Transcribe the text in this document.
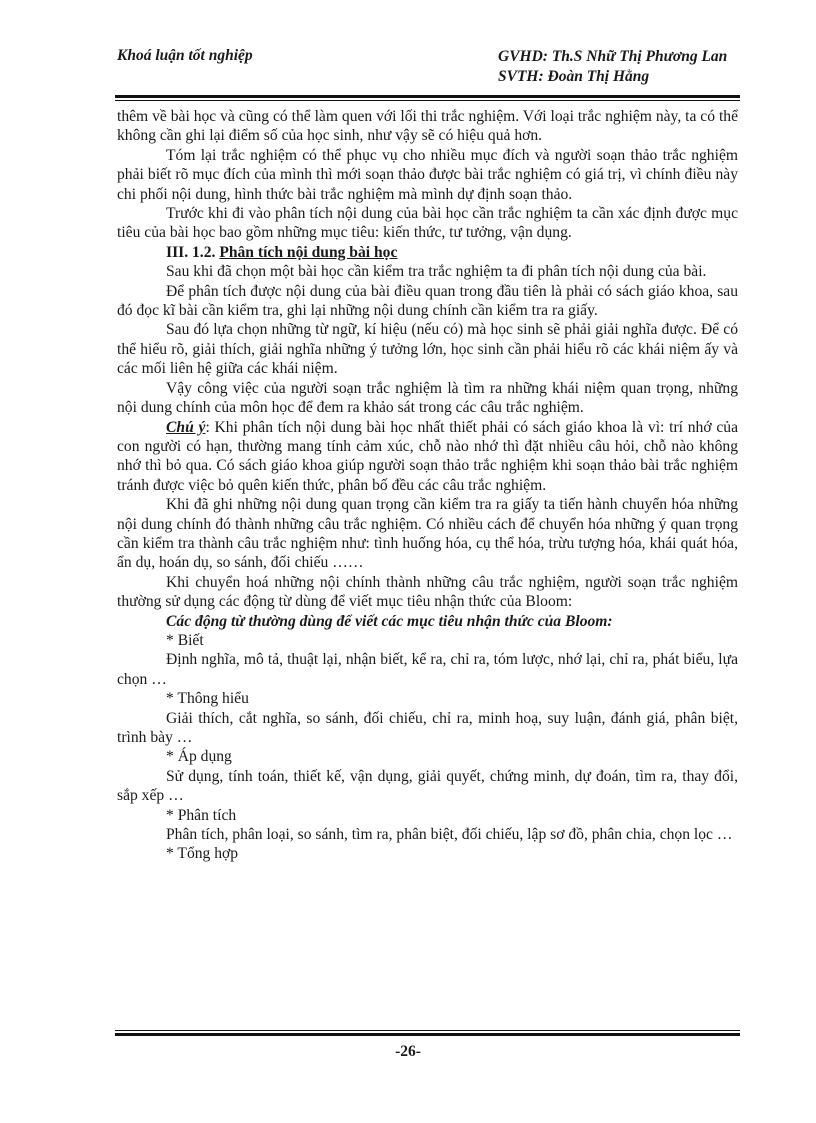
Khoá luận tốt nghiệp	GVHD: Th.S Nhữ Thị Phương Lan
SVTH: Đoàn Thị Hằng

thêm về bài học và cũng có thể làm quen với lối thi trắc nghiệm. Với loại trắc nghiệm này, ta có thể không cần ghi lại điểm số của học sinh, như vậy sẽ có hiệu quả hơn.

Tóm lại trắc nghiệm có thể phục vụ cho nhiều mục đích và người soạn thảo trắc nghiệm phải biết rõ mục đích của mình thì mới soạn thảo được bài trắc nghiệm có giá trị, vì chính điều này chi phối nội dung, hình thức bài trắc nghiệm mà mình dự định soạn thảo.

Trước khi đi vào phân tích nội dung của bài học cần trắc nghiệm ta cần xác định được mục tiêu của bài học bao gồm những mục tiêu: kiến thức, tư tưởng, vận dụng.

III. 1.2. Phân tích nội dung bài học

Sau khi đã chọn một bài học cần kiểm tra trắc nghiệm ta đi phân tích nội dung của bài.

Để phân tích được nội dung của bài điều quan trong đầu tiên là phải có sách giáo khoa, sau đó đọc kĩ bài cần kiểm tra, ghi lại những nội dung chính cần kiểm tra ra giấy.

Sau đó lựa chọn những từ ngữ, kí hiệu (nếu có) mà học sinh sẽ phải giải nghĩa được. Để có thể hiểu rõ, giải thích, giải nghĩa những ý tưởng lớn, học sinh cần phải hiểu rõ các khái niệm ấy và các mối liên hệ giữa các khái niệm.

Vậy công việc của người soạn trắc nghiệm là tìm ra những khái niệm quan trọng, những nội dung chính của môn học để đem ra khảo sát trong các câu trắc nghiệm.

Chú ý: Khi phân tích nội dung bài học nhất thiết phải có sách giáo khoa là vì: trí nhớ của con người có hạn, thường mang tính cảm xúc, chỗ nào nhớ thì đặt nhiều câu hỏi, chỗ nào không nhớ thì bỏ qua. Có sách giáo khoa giúp người soạn thảo trắc nghiệm khi soạn thảo bài trắc nghiệm tránh được việc bỏ quên kiến thức, phân bố đều các câu trắc nghiệm.

Khi đã ghi những nội dung quan trọng cần kiểm tra ra giấy ta tiến hành chuyển hóa những nội dung chính đó thành những câu trắc nghiệm. Có nhiều cách để chuyển hóa những ý quan trọng cần kiểm tra thành câu trắc nghiệm như: tình huống hóa, cụ thể hóa, trừu tượng hóa, khái quát hóa, ẩn dụ, hoán dụ, so sánh, đối chiếu ……

Khi chuyển hoá những nội chính thành những câu trắc nghiệm, người soạn trắc nghiệm thường sử dụng các động từ dùng để viết mục tiêu nhận thức của Bloom:

Các động từ thường dùng để viết các mục tiêu nhận thức của Bloom:

* Biết

Định nghĩa, mô tả, thuật lại, nhận biết, kể ra, chỉ ra, tóm lược, nhớ lại, chỉ ra, phát biểu, lựa chọn …

* Thông hiểu

Giải thích, cắt nghĩa, so sánh, đối chiếu, chỉ ra, minh hoạ, suy luận, đánh giá, phân biệt, trình bày …

* Áp dụng

Sử dụng, tính toán, thiết kế, vận dụng, giải quyết, chứng minh, dự đoán, tìm ra, thay đổi, sắp xếp …

* Phân tích

Phân tích, phân loại, so sánh, tìm ra, phân biệt, đối chiếu, lập sơ đồ, phân chia, chọn lọc …

* Tổng hợp

-26-
